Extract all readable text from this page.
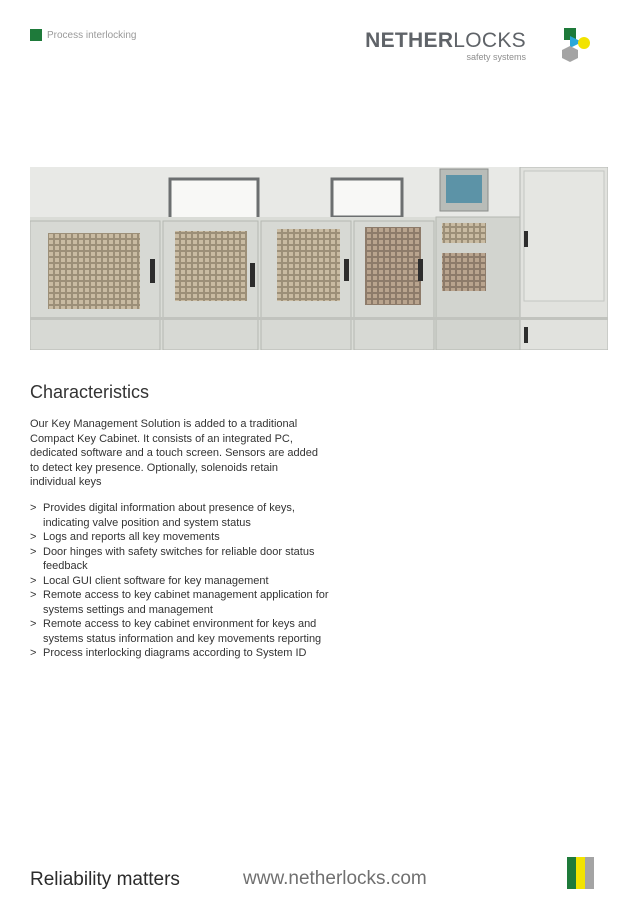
Process interlocking	NETHERLOCKS
safety systems
Characteristics

Our Key Management Solution is added to a traditional Compact Key Cabinet. It consists of an integrated PC, dedicated software and a touch screen. Sensors are added to detect key presence. Optionally, solenoids retain individual keys

> Provides digital information about presence of keys, indicating valve position and system status
> Logs and reports all key movements
> Door hinges with safety switches for reliable door status feedback
> Local GUI client software for key management
> Remote access to key cabinet management application for systems settings and management
> Remote access to key cabinet environment for keys and systems status information and key movements reporting
> Process interlocking diagrams according to System ID
Reliability matters	www.netherlocks.com
